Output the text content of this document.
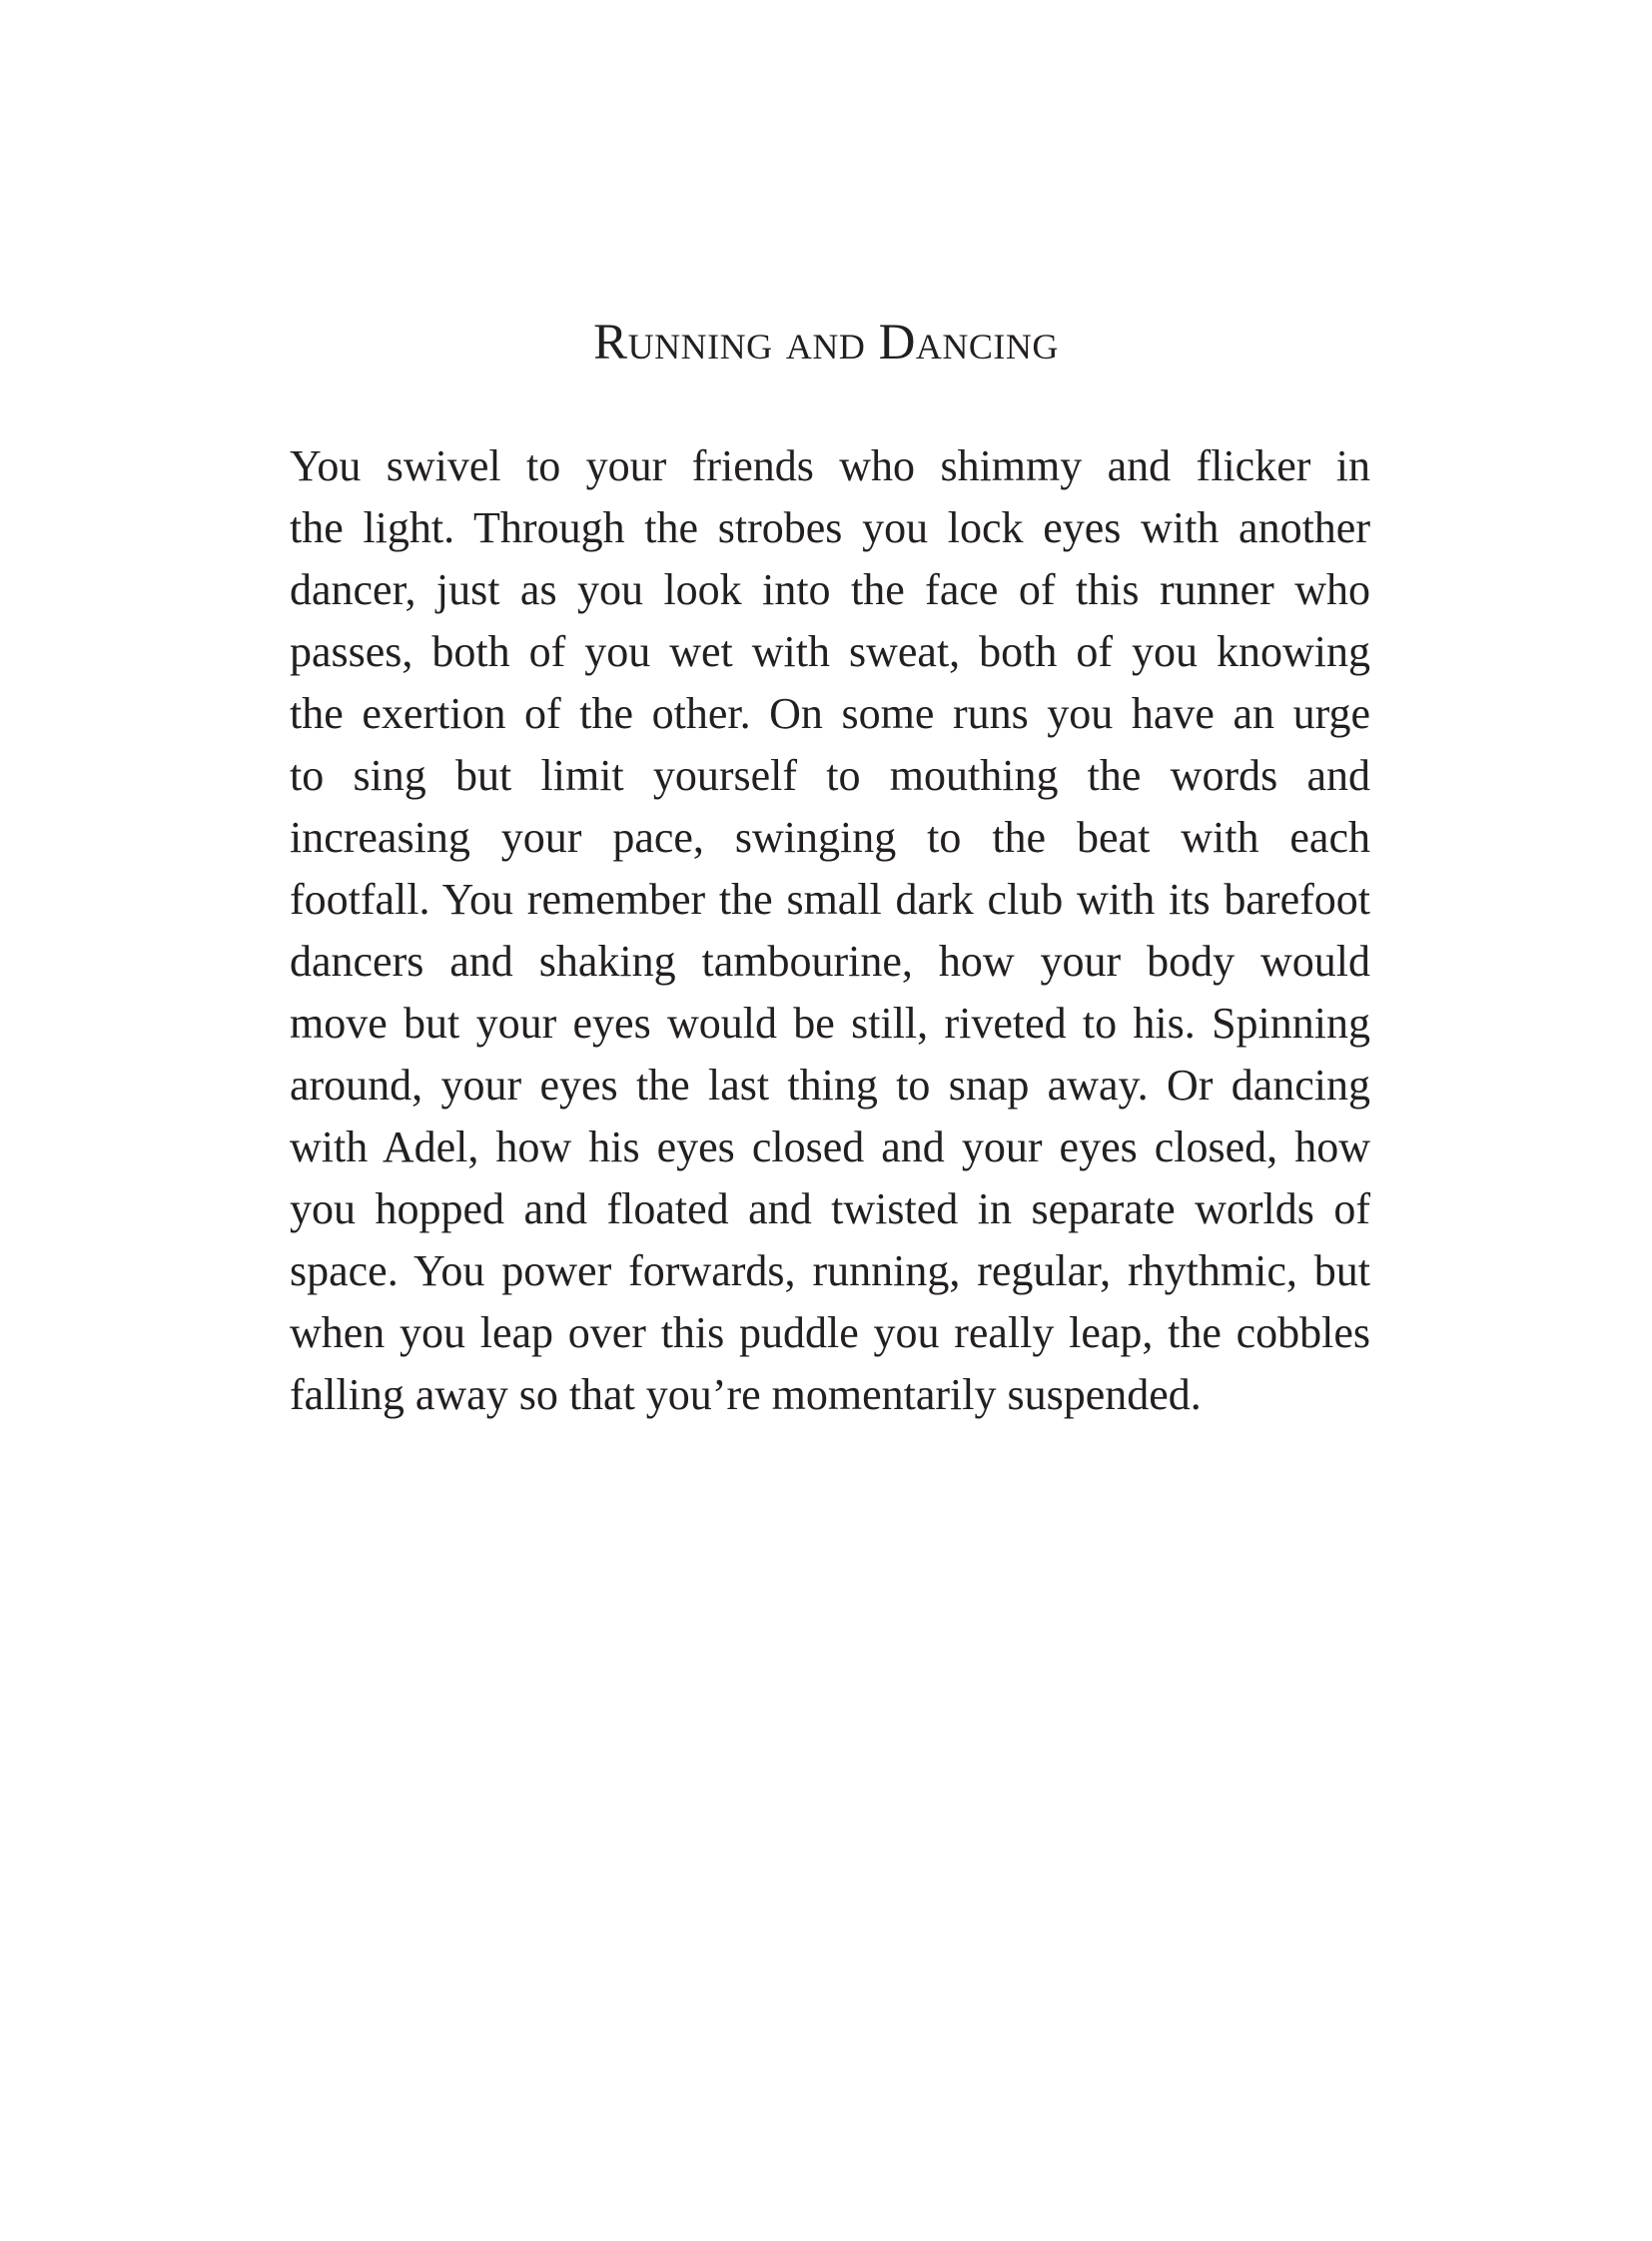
Running and Dancing
You swivel to your friends who shimmy and flicker in
the light. Through the strobes you lock eyes with another
dancer, just as you look into the face of this runner who
passes, both of you wet with sweat, both of you knowing
the exertion of the other. On some runs you have an urge
to sing but limit yourself to mouthing the words and
increasing your pace, swinging to the beat with each
footfall. You remember the small dark club with its barefoot
dancers and shaking tambourine, how your body would
move but your eyes would be still, riveted to his. Spinning
around, your eyes the last thing to snap away. Or dancing
with Adel, how his eyes closed and your eyes closed, how
you hopped and floated and twisted in separate worlds of
space. You power forwards, running, regular, rhythmic, but
when you leap over this puddle you really leap, the cobbles
falling away so that you’re momentarily suspended.
